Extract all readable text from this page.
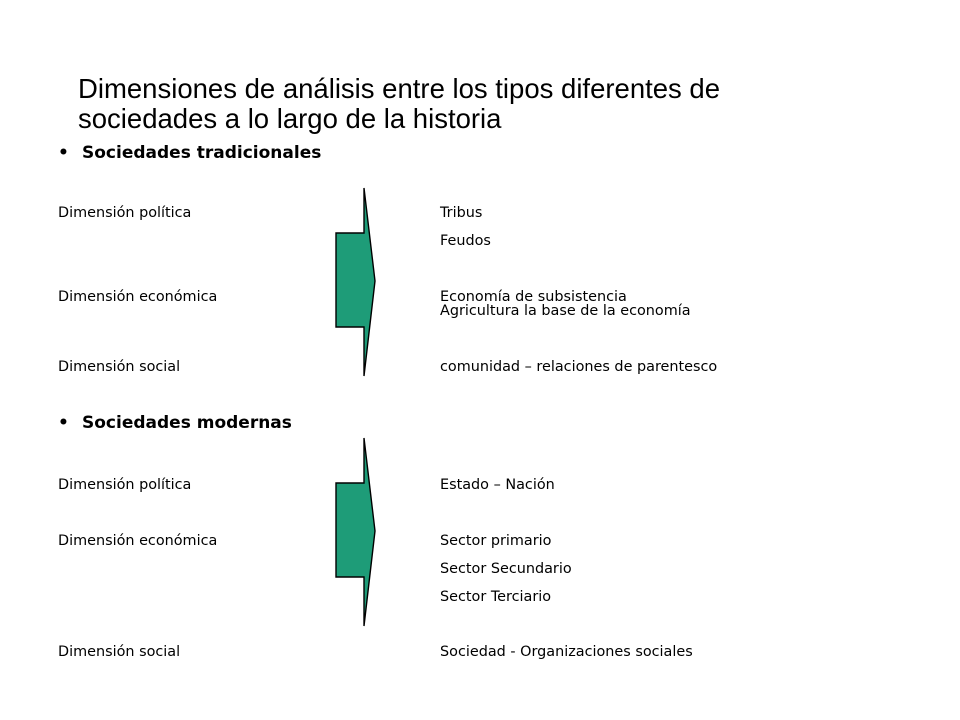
Dimensiones de análisis entre los tipos diferentes de
sociedades a lo largo de la historia
• Sociedades tradicionales
Dimensión política	Tribus
Feudos
Dimensión económica	Economía de subsistencia
Agricultura la base de la economía
Dimensión social	comunidad – relaciones de parentesco
• Sociedades modernas
Dimensión política	Estado – Nación
Dimensión económica	Sector primario
Sector Secundario
Sector Terciario
Dimensión social	Sociedad - Organizaciones sociales
